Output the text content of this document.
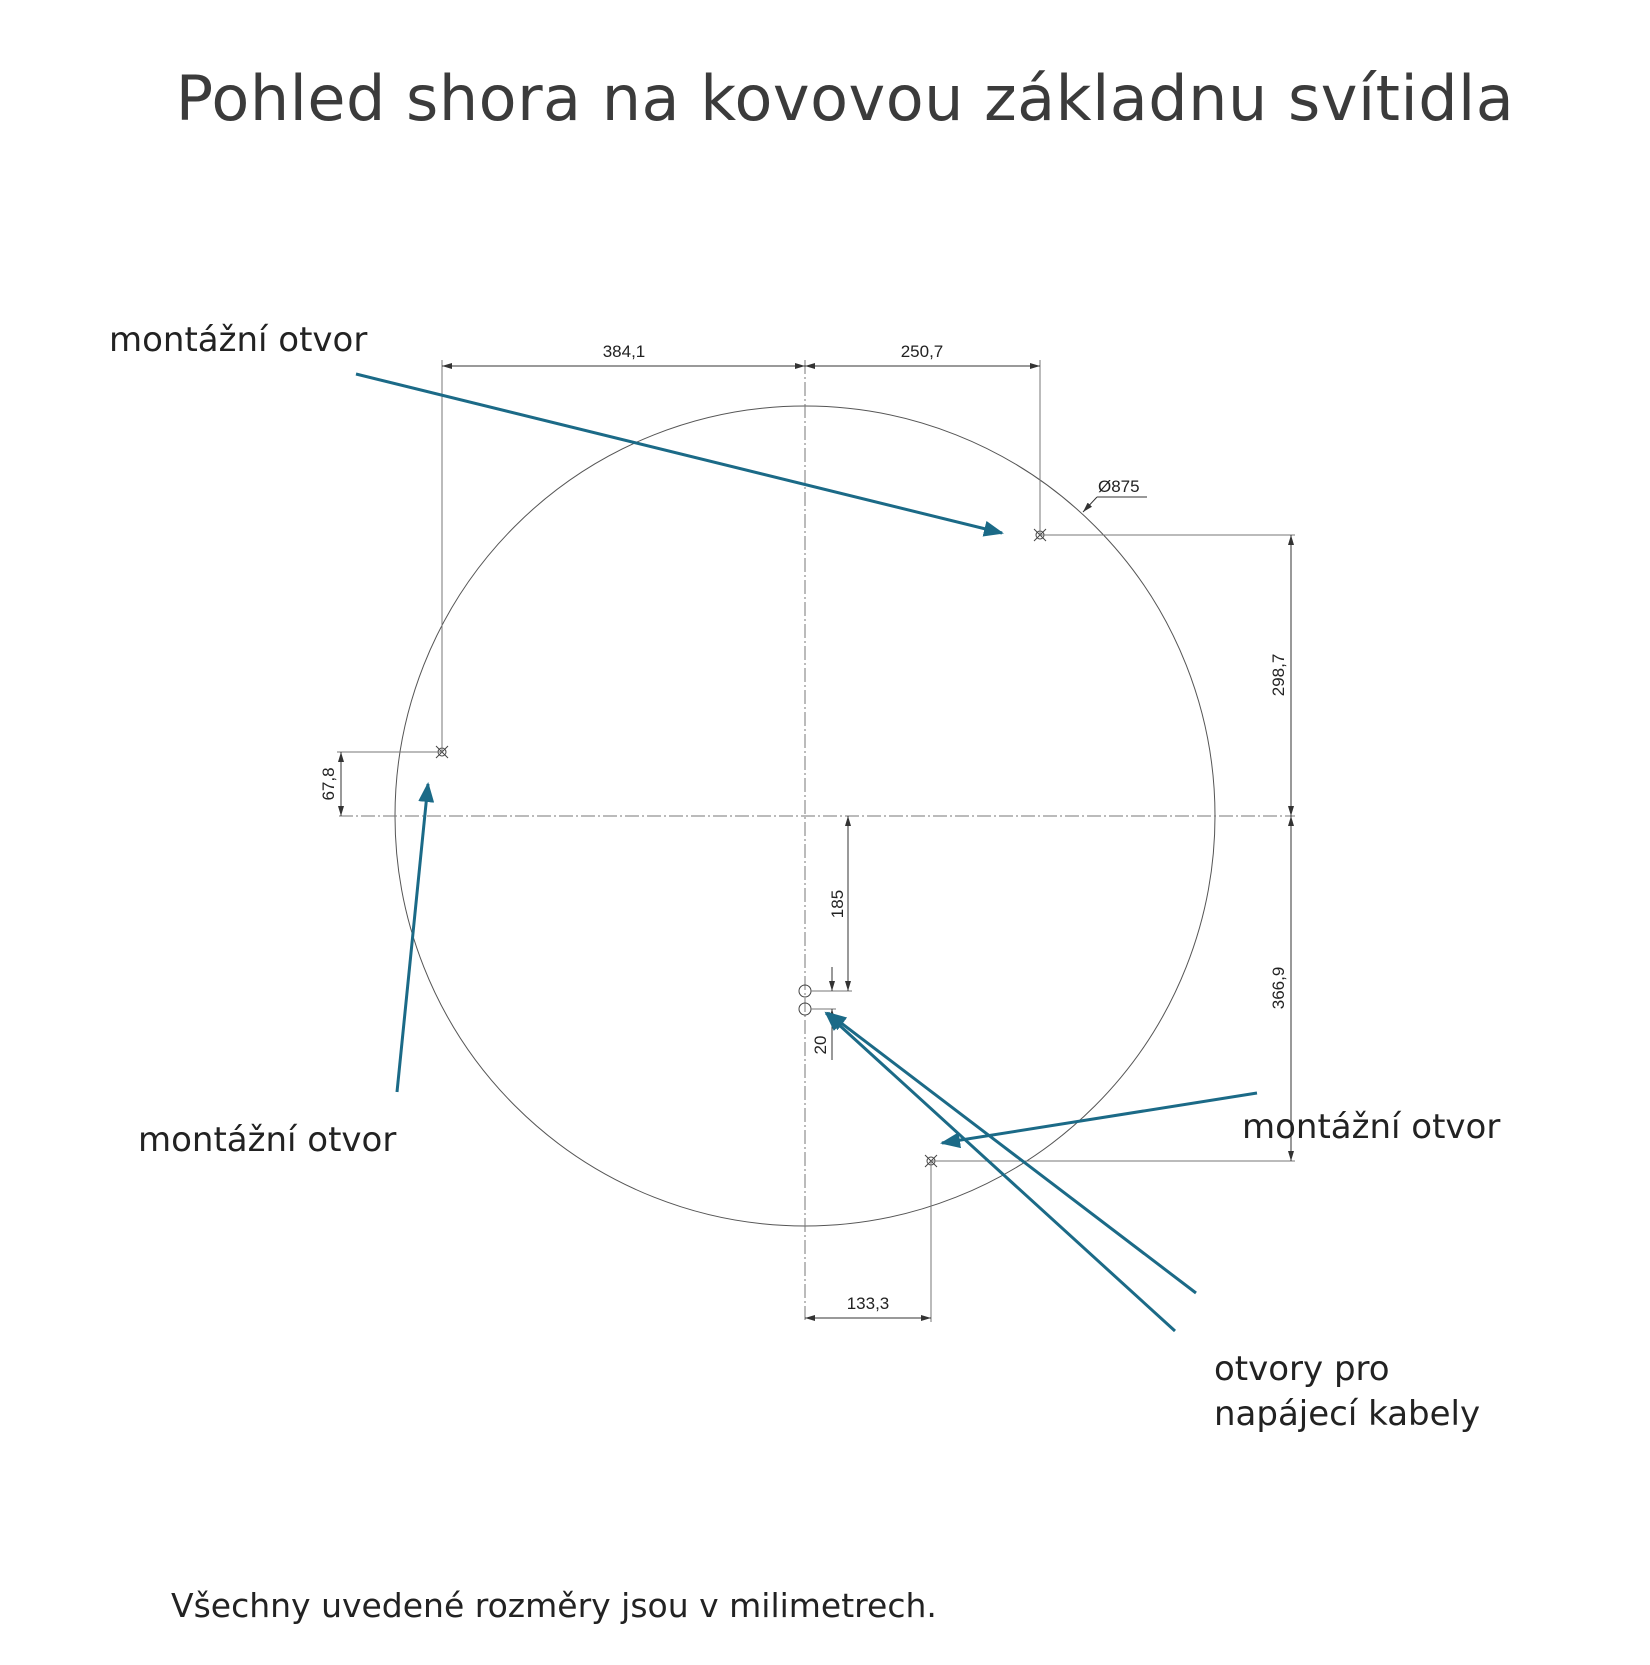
Pohled shora na kovovou základnu svítidla
384,1	250,7
Ø875
298,7
366,9
67,8
185
20
133,3
montážní otvor
montážní otvor	montážní otvor
otvory pro
napájecí kabely
Všechny uvedené rozměry jsou v milimetrech.
